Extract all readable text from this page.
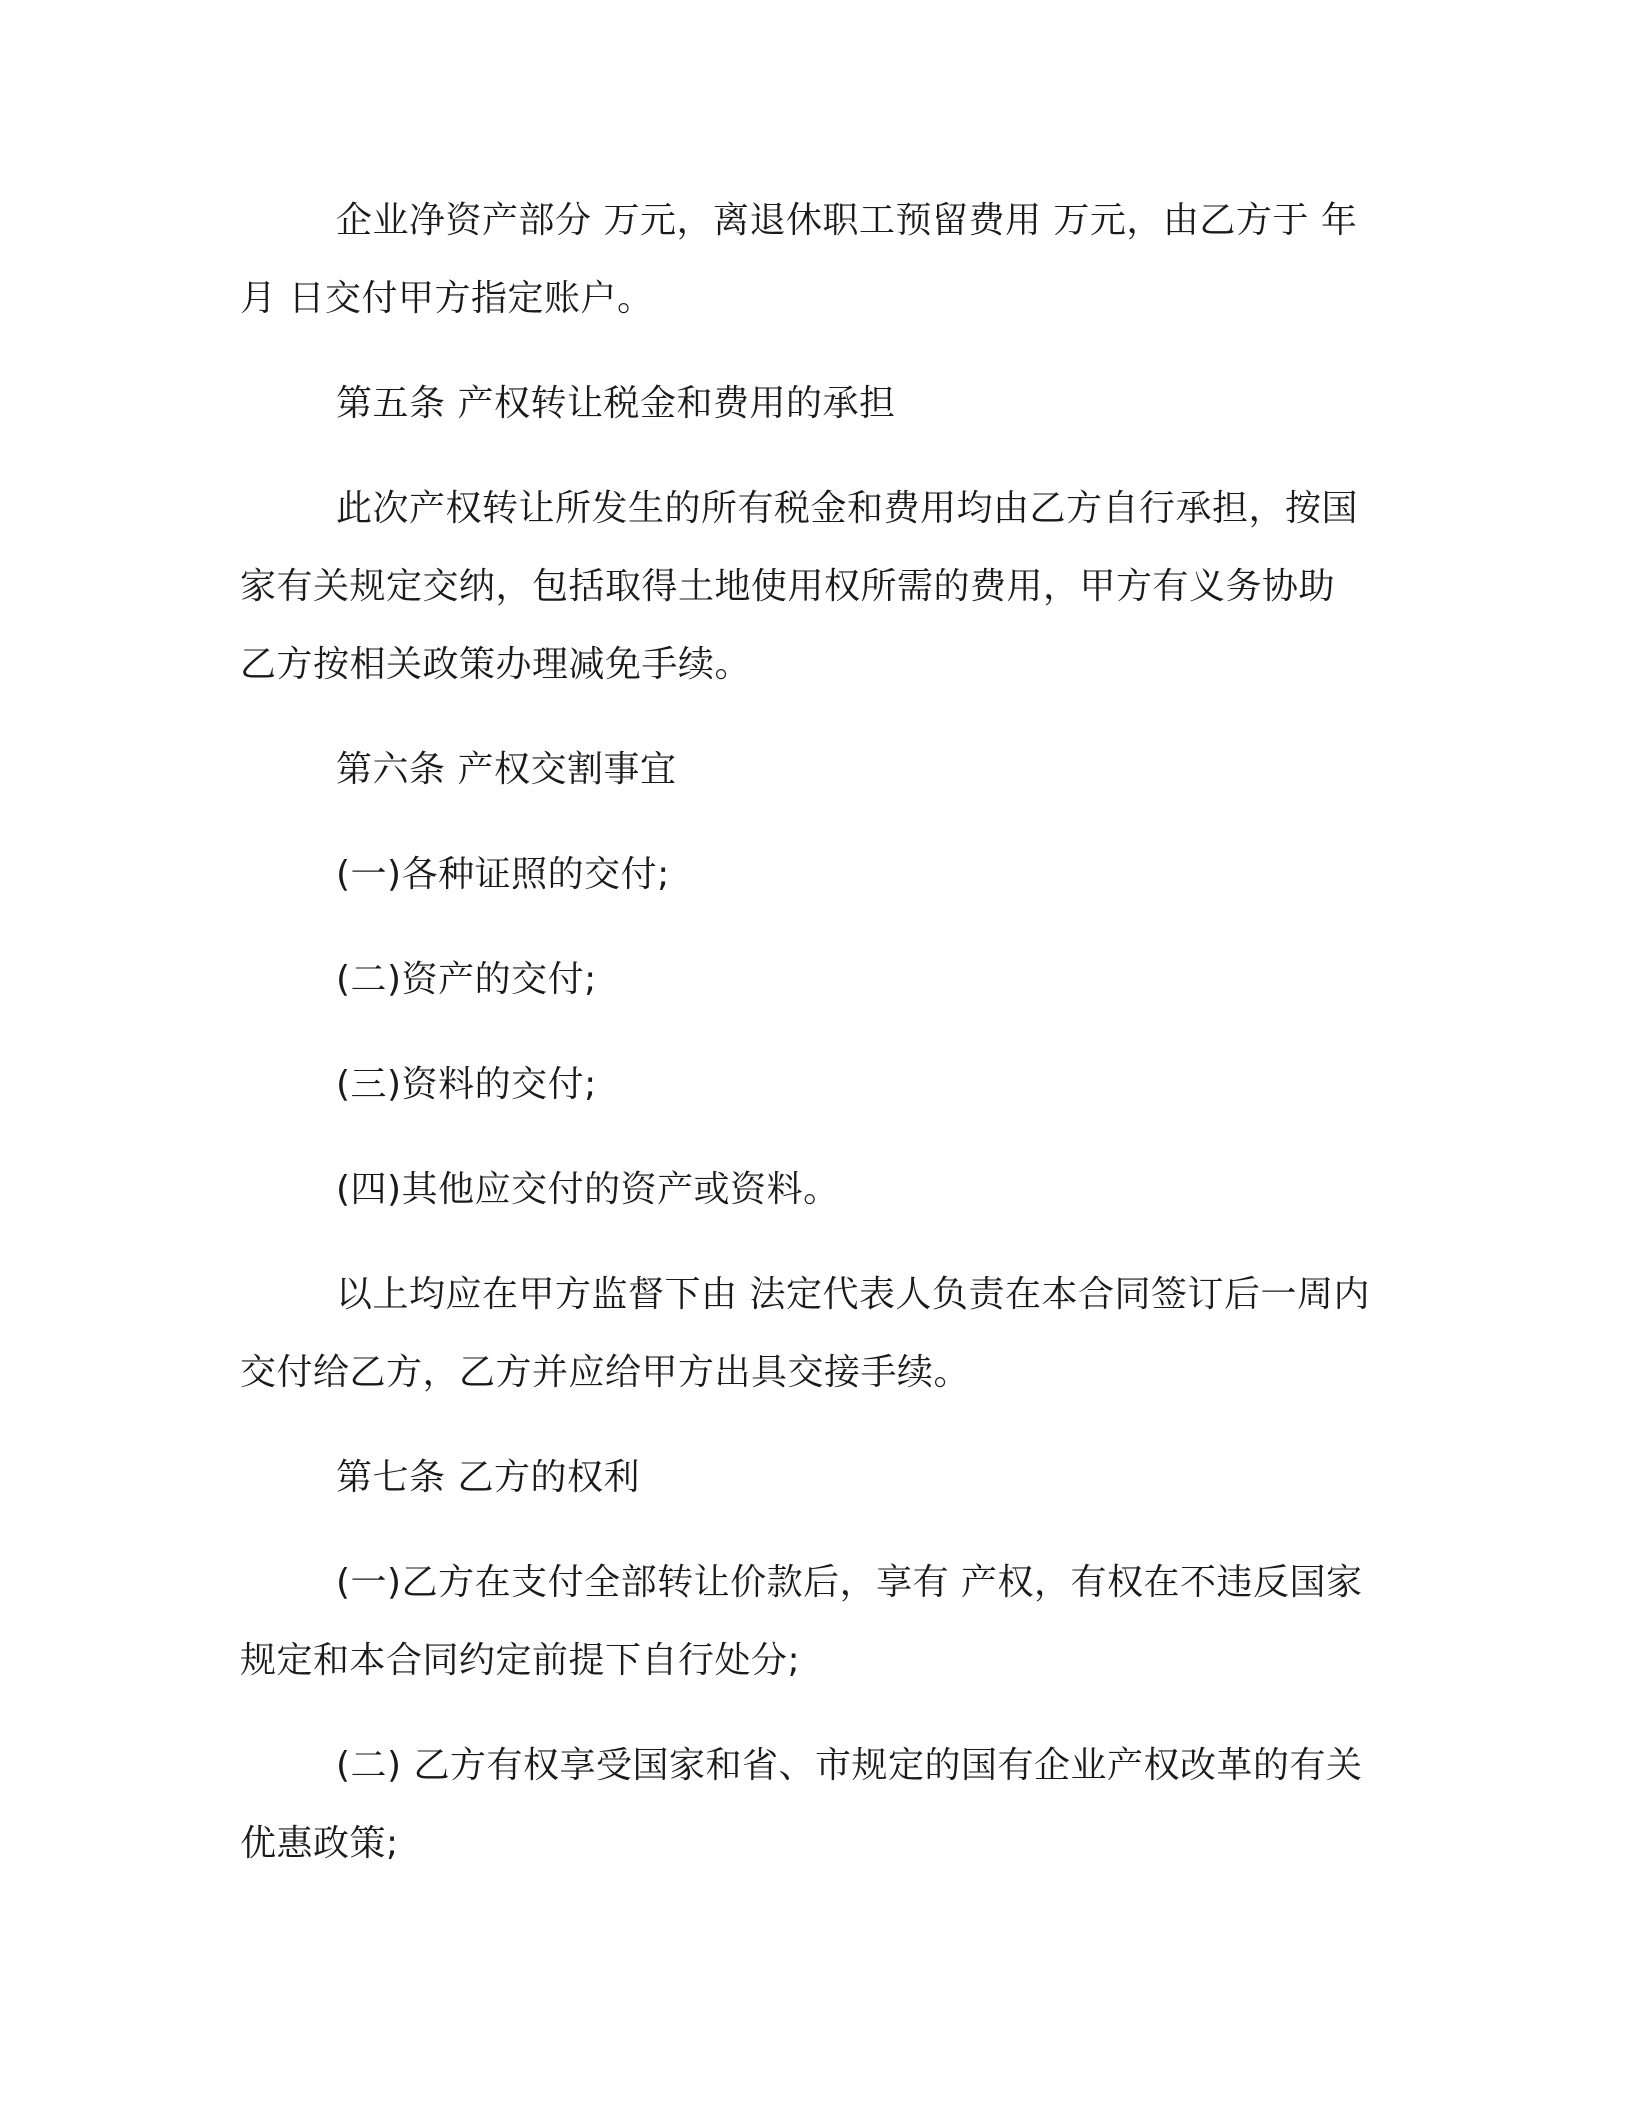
企业净资产部分 万元，离退休职工预留费用 万元，由乙方于 年
月 日交付甲方指定账户。

第五条 产权转让税金和费用的承担

此次产权转让所发生的所有税金和费用均由乙方自行承担，按国
家有关规定交纳，包括取得土地使用权所需的费用，甲方有义务协助
乙方按相关政策办理减免手续。

第六条 产权交割事宜

(一)各种证照的交付;

(二)资产的交付;

(三)资料的交付;

(四)其他应交付的资产或资料。

以上均应在甲方监督下由 法定代表人负责在本合同签订后一周内
交付给乙方，乙方并应给甲方出具交接手续。

第七条 乙方的权利

(一)乙方在支付全部转让价款后，享有 产权，有权在不违反国家
规定和本合同约定前提下自行处分;

(二) 乙方有权享受国家和省、市规定的国有企业产权改革的有关
优惠政策;
